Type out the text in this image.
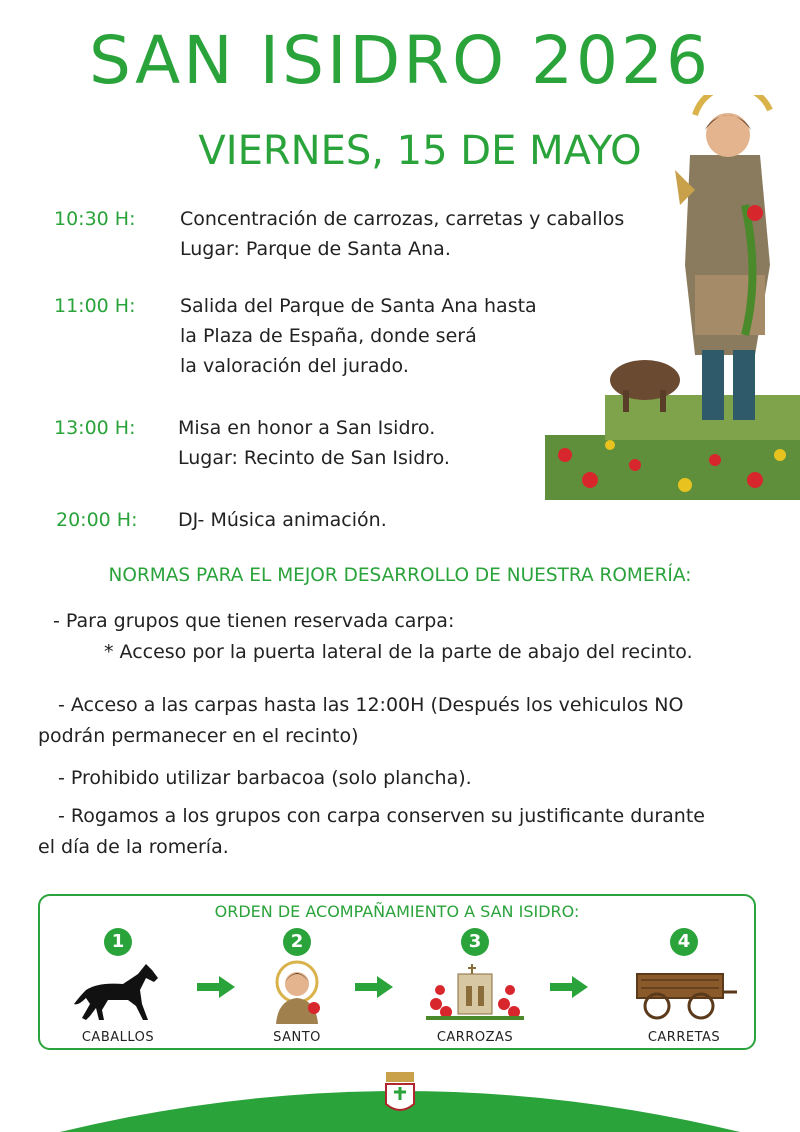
SAN ISIDRO 2026
VIERNES, 15 DE MAYO
10:30 H: Concentración de carrozas, carretas y caballos
Lugar: Parque de Santa Ana.
11:00 H: Salida del Parque de Santa Ana hasta
la Plaza de España, donde será
la valoración del jurado.
13:00 H: Misa en honor a San Isidro.
Lugar: Recinto de San Isidro.
20:00 H: DJ- Música animación.
NORMAS PARA EL MEJOR DESARROLLO DE NUESTRA ROMERÍA:
- Para grupos que tienen reservada carpa:
* Acceso por la puerta lateral de la parte de abajo del recinto.
- Acceso a las carpas hasta las 12:00H (Después los vehiculos NO
podrán permanecer en el recinto)
- Prohibido utilizar barbacoa (solo plancha).
- Rogamos a los grupos con carpa conserven su justificante durante
el día de la romería.
ORDEN DE ACOMPAÑAMIENTO A SAN ISIDRO:
1
CABALLOS
2
SANTO
3
CARROZAS
4
CARRETAS
